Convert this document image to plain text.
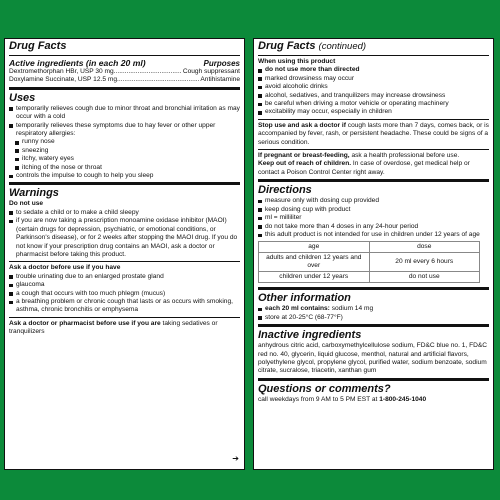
Drug Facts
Active ingredients (in each 20 ml)	Purposes
Dextromethorphan HBr, USP 30 mg .....	Cough suppressant
Doxylamine Succinate, USP 12.5 mg .....	Antihistamine
Uses
temporarily relieves cough due to minor throat and bronchial irritation as may occur with a cold
temporarily relieves these symptoms due to hay fever or other upper respiratory allergies:
runny nose
sneezing
itchy, watery eyes
itching of the nose or throat
controls the impulse to cough to help you sleep
Warnings
Do not use
to sedate a child or to make a child sleepy
if you are now taking a prescription monoamine oxidase inhibitor (MAOI) (certain drugs for depression, psychiatric, or emotional conditions, or Parkinson's disease), or for 2 weeks after stopping the MAOI drug. If you do not know if your prescription drug contains an MAOI, ask a doctor or pharmacist before taking this product.
Ask a doctor before use if you have
trouble urinating due to an enlarged prostate gland
glaucoma
a cough that occurs with too much phlegm (mucus)
a breathing problem or chronic cough that lasts or as occurs with smoking, asthma, chronic bronchitis or emphysema
Ask a doctor or pharmacist before use if you are taking sedatives or tranquilizers
➔
Drug Facts (continued)
When using this product
do not use more than directed
marked drowsiness may occur
avoid alcoholic drinks
alcohol, sedatives, and tranquilizers may increase drowsiness
be careful when driving a motor vehicle or operating machinery
excitability may occur, especially in children
Stop use and ask a doctor if cough lasts more than 7 days, comes back, or is accompanied by fever, rash, or persistent headache. These could be signs of a serious condition.
If pregnant or breast-feeding, ask a health professional before use.
Keep out of reach of children. In case of overdose, get medical help or contact a Poison Control Center right away.
Directions
measure only with dosing cup provided
keep dosing cup with product
ml = milliliter
do not take more than 4 doses in any 24-hour period
this adult product is not intended for use in children under 12 years of age
age	dose
adults and children 12 years and over	20 ml every 6 hours
children under 12 years	do not use
Other information
each 20 ml contains: sodium 14 mg
store at 20-25°C (68-77°F)
Inactive ingredients
anhydrous citric acid, carboxymethylcellulose sodium, FD&C blue no. 1, FD&C red no. 40, glycerin, liquid glucose, menthol, natural and artificial flavors, polyethylene glycol, propylene glycol, purified water, sodium benzoate, sodium citrate, sucralose, triacetin, xanthan gum
Questions or comments?
call weekdays from 9 AM to 5 PM EST at 1-800-245-1040
